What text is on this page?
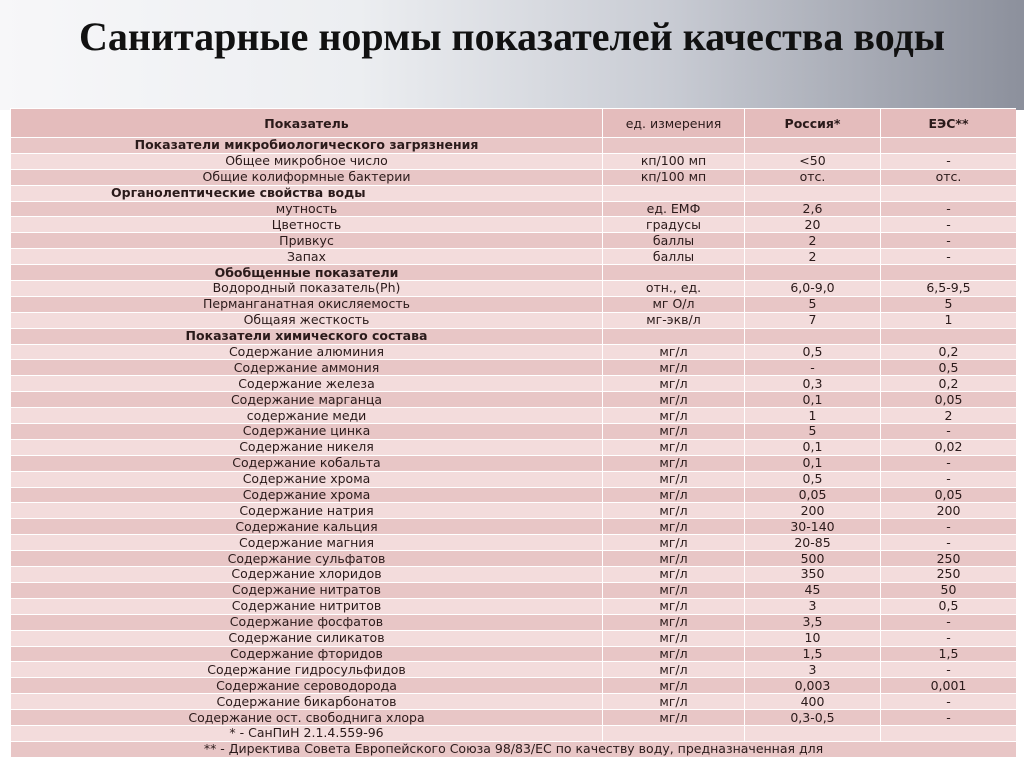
Санитарные нормы показателей качества воды
Показатель	ед. измерения	Россия*	ЕЭС**
Показатели микробиологического загрязнения			
Общее микробное число	кп/100 мп	<50	-
Общие колиформные бактерии	кп/100 мп	отс.	отс.
Органолептические свойства воды			
мутность	ед. ЕМФ	2,6	-
Цветность	градусы	20	-
Привкус	баллы	2	-
Запах	баллы	2	-
Обобщенные показатели			
Водородный показатель(Ph)	отн., ед.	6,0-9,0	6,5-9,5
Перманганатная окисляемость	мг О/л	5	5
Общаяя жесткость	мг-экв/л	7	1
Показатели химического состава			
Содержание алюминия	мг/л	0,5	0,2
Содержание аммония	мг/л	-	0,5
Содержание железа	мг/л	0,3	0,2
Содержание марганца	мг/л	0,1	0,05
содержание меди	мг/л	1	2
Содержание цинка	мг/л	5	-
Содержание никеля	мг/л	0,1	0,02
Содержание кобальта	мг/л	0,1	-
Содержание хрома	мг/л	0,5	-
Содержание хрома	мг/л	0,05	0,05
Содержание натрия	мг/л	200	200
Содержание кальция	мг/л	30-140	-
Содержание магния	мг/л	20-85	-
Содержание сульфатов	мг/л	500	250
Содержание хлоридов	мг/л	350	250
Содержание нитратов	мг/л	45	50
Содержание нитритов	мг/л	3	0,5
Содержание фосфатов	мг/л	3,5	-
Содержание силикатов	мг/л	10	-
Содержание фторидов	мг/л	1,5	1,5
Содержание гидросульфидов	мг/л	3	-
Содержание сероводорода	мг/л	0,003	0,001
Содержание бикарбонатов	мг/л	400	-
Содержание ост. свободнига хлора	мг/л	0,3-0,5	-
* - СанПиН 2.1.4.559-96			
** - Директива Совета Европейского Союза 98/83/ЕС по качеству воду, предназначенная для			
